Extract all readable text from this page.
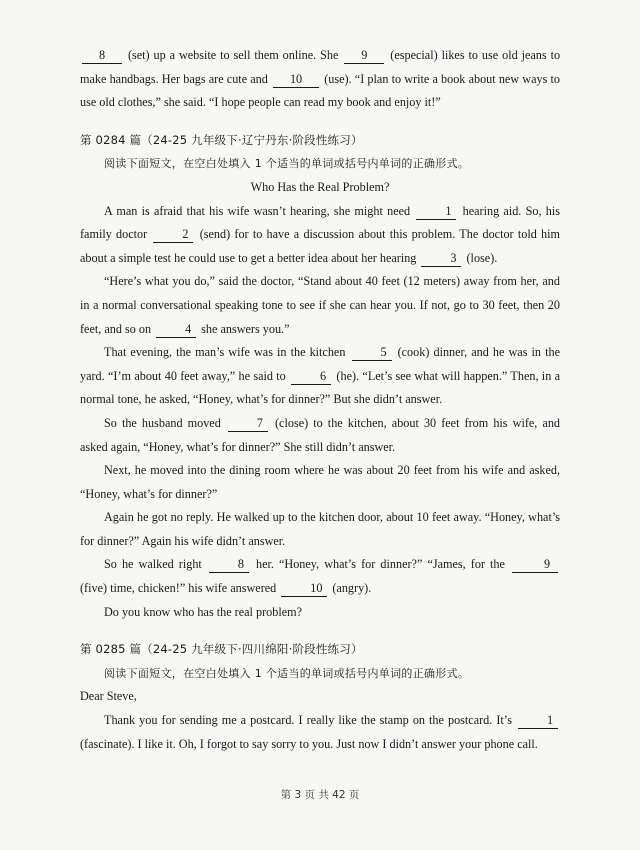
8 (set) up a website to sell them online. She 9 (especial) likes to use old jeans to make handbags. Her bags are cute and 10 (use). “I plan to write a book about new ways to use old clothes,” she said. “I hope people can read my book and enjoy it!”

第 0284 篇（24-25 九年级下·辽宁丹东·阶段性练习）

阅读下面短文，在空白处填入 1 个适当的单词或括号内单词的正确形式。

Who Has the Real Problem?

A man is afraid that his wife wasn’t hearing, she might need	1 hearing aid. So, his family doctor	2 (send) for to have a discussion about this problem. The doctor told him about a simple test he could use to get a better idea about her hearing	3 (lose).

“Here’s what you do,” said the doctor, “Stand about 40 feet (12 meters) away from her, and in a normal conversational speaking tone to see if she can hear you. If not, go to 30 feet, then 20 feet, and so on	4 she answers you.”

That evening, the man’s wife was in the kitchen	5 (cook) dinner, and he was in the yard. “I’m about 40 feet away,” he said to	6 (he). “Let’s see what will happen.” Then, in a normal tone, he asked, “Honey, what’s for dinner?” But she didn’t answer.

So the husband moved	7 (close) to the kitchen, about 30 feet from his wife, and asked again, “Honey, what’s for dinner?” She still didn’t answer.

Next, he moved into the dining room where he was about 20 feet from his wife and asked, “Honey, what’s for dinner?”

Again he got no reply. He walked up to the kitchen door, about 10 feet away. “Honey, what’s for dinner?” Again his wife didn’t answer.

So he walked right	8 her. “Honey, what’s for dinner?” “James, for the	9 (five) time, chicken!” his wife answered	10 (angry).

Do you know who has the real problem?

第 0285 篇（24-25 九年级下·四川绵阳·阶段性练习）

阅读下面短文，在空白处填入 1 个适当的单词或括号内单词的正确形式。

Dear Steve,

Thank you for sending me a postcard. I really like the stamp on the postcard. It’s	1 (fascinate). I like it. Oh, I forgot to say sorry to you. Just now I didn’t answer your phone call.

第 3 页 共 42 页
